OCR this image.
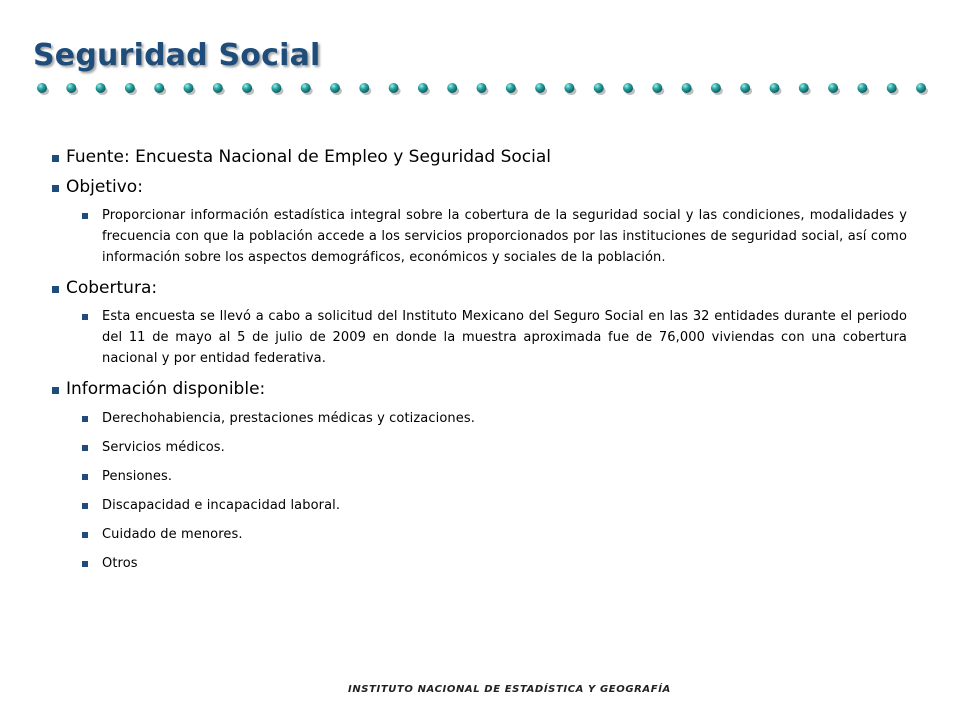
Seguridad Social
Fuente: Encuesta Nacional de Empleo y Seguridad Social
Objetivo:
Proporcionar información estadística integral sobre la cobertura de la seguridad social y las condiciones, modalidades y frecuencia con que la población accede a los servicios proporcionados por las instituciones de seguridad social, así como información sobre los aspectos demográficos, económicos y sociales de la población.
Cobertura:
Esta encuesta se llevó a cabo a solicitud del Instituto Mexicano del Seguro Social en las 32 entidades durante el periodo del 11 de mayo al 5 de julio de 2009 en donde la muestra aproximada fue de 76,000 viviendas con una cobertura nacional y por entidad federativa.
Información disponible:
Derechohabiencia, prestaciones médicas y cotizaciones.
Servicios médicos.
Pensiones.
Discapacidad e incapacidad laboral.
Cuidado de menores.
Otros
INSTITUTO NACIONAL DE ESTADÍSTICA Y GEOGRAFÍA
